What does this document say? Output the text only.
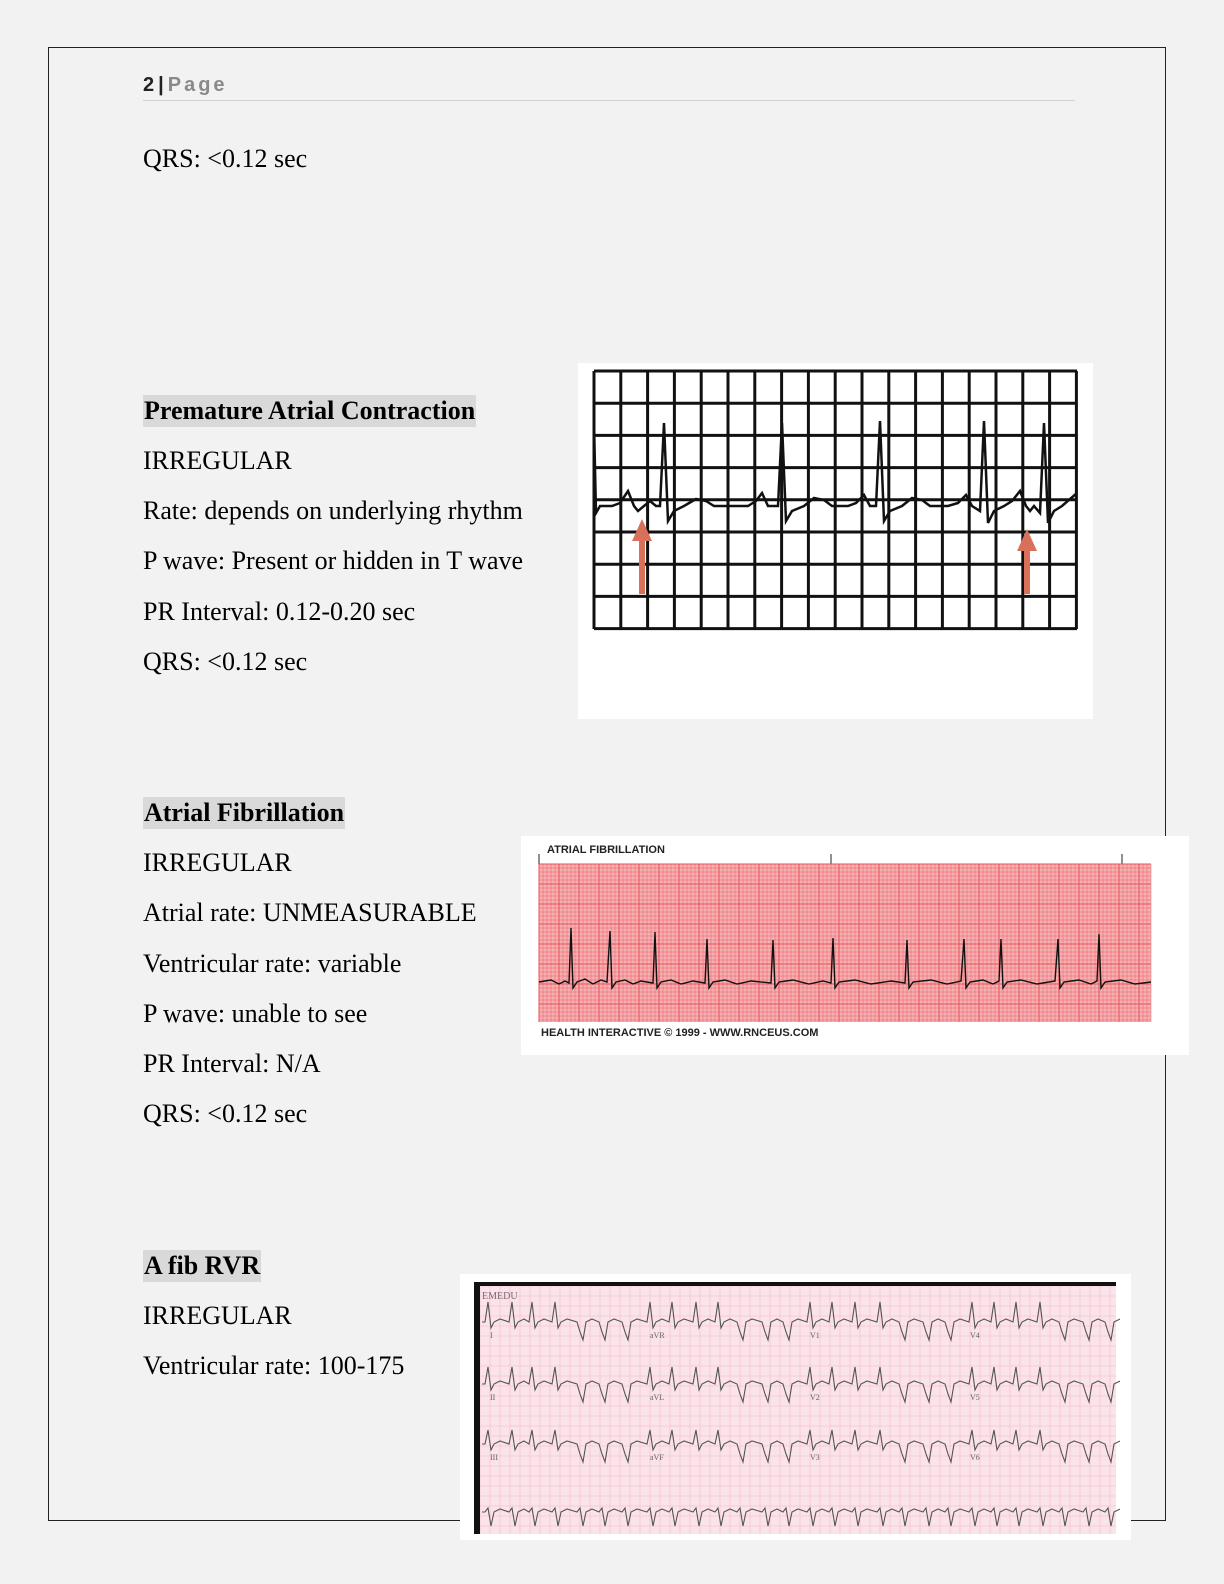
2 | Page
QRS: <0.12 sec
Premature Atrial Contraction
IRREGULAR
Rate: depends on underlying rhythm
P wave: Present or hidden in T wave
PR Interval: 0.12-0.20 sec
QRS: <0.12 sec
Atrial Fibrillation
IRREGULAR
Atrial rate: UNMEASURABLE
Ventricular rate: variable
P wave: unable to see
PR Interval: N/A
QRS: <0.12 sec
ATRIAL FIBRILLATION
HEALTH INTERACTIVE © 1999 - WWW.RNCEUS.COM
A fib RVR
IRREGULAR
Ventricular rate: 100-175
EMEDU
I	aVR	V1	V4
II	aVL	V2	V5
III	aVF	V3	V6
